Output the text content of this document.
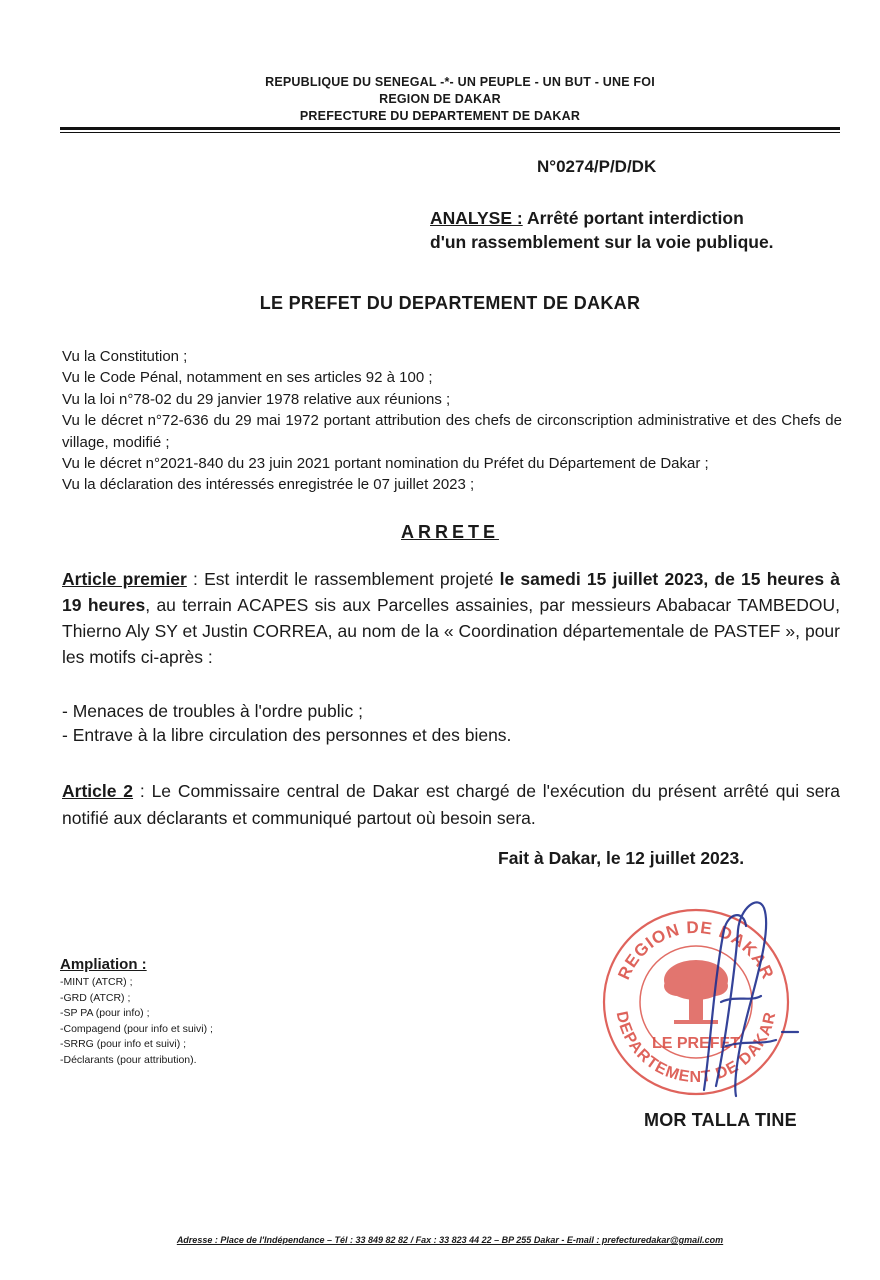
REPUBLIQUE DU SENEGAL -*- UN PEUPLE - UN BUT - UNE FOI
REGION DE DAKAR
PREFECTURE DU DEPARTEMENT DE DAKAR
N°0274/P/D/DK
ANALYSE : Arrêté portant interdiction
d'un rassemblement sur la voie publique.
LE PREFET DU DEPARTEMENT DE DAKAR
Vu la Constitution ;
Vu le Code Pénal, notamment en ses articles 92 à 100 ;
Vu la loi n°78-02 du 29 janvier 1978 relative aux réunions ;
Vu le décret n°72-636 du 29 mai 1972 portant attribution des chefs de circonscription administrative et des Chefs de village, modifié ;
Vu le décret n°2021-840 du 23 juin 2021 portant nomination du Préfet du Département de Dakar ;
Vu la déclaration des intéressés enregistrée le 07 juillet 2023 ;
ARRETE
Article premier : Est interdit le rassemblement projeté le samedi 15 juillet 2023, de 15 heures à 19 heures, au terrain ACAPES sis aux Parcelles assainies, par messieurs Ababacar TAMBEDOU, Thierno Aly SY et Justin CORREA, au nom de la « Coordination départementale de PASTEF », pour les motifs ci-après :
- Menaces de troubles à l'ordre public ;
- Entrave à la libre circulation des personnes et des biens.
Article 2 : Le Commissaire central de Dakar est chargé de l'exécution du présent arrêté qui sera notifié aux déclarants et communiqué partout où besoin sera.
Fait à Dakar, le 12 juillet 2023.
Ampliation :
-MINT (ATCR) ;
-GRD (ATCR) ;
-SP PA (pour info) ;
-Compagend (pour info et suivi) ;
-SRRG (pour info et suivi) ;
-Déclarants (pour attribution).
REGION DE DAKAR
DEPARTEMENT DE DAKAR
LE PREFET
MOR TALLA TINE
Adresse : Place de l'Indépendance – Tél : 33 849 82 82 / Fax : 33 823 44 22 – BP 255 Dakar - E-mail : prefecturedakar@gmail.com
